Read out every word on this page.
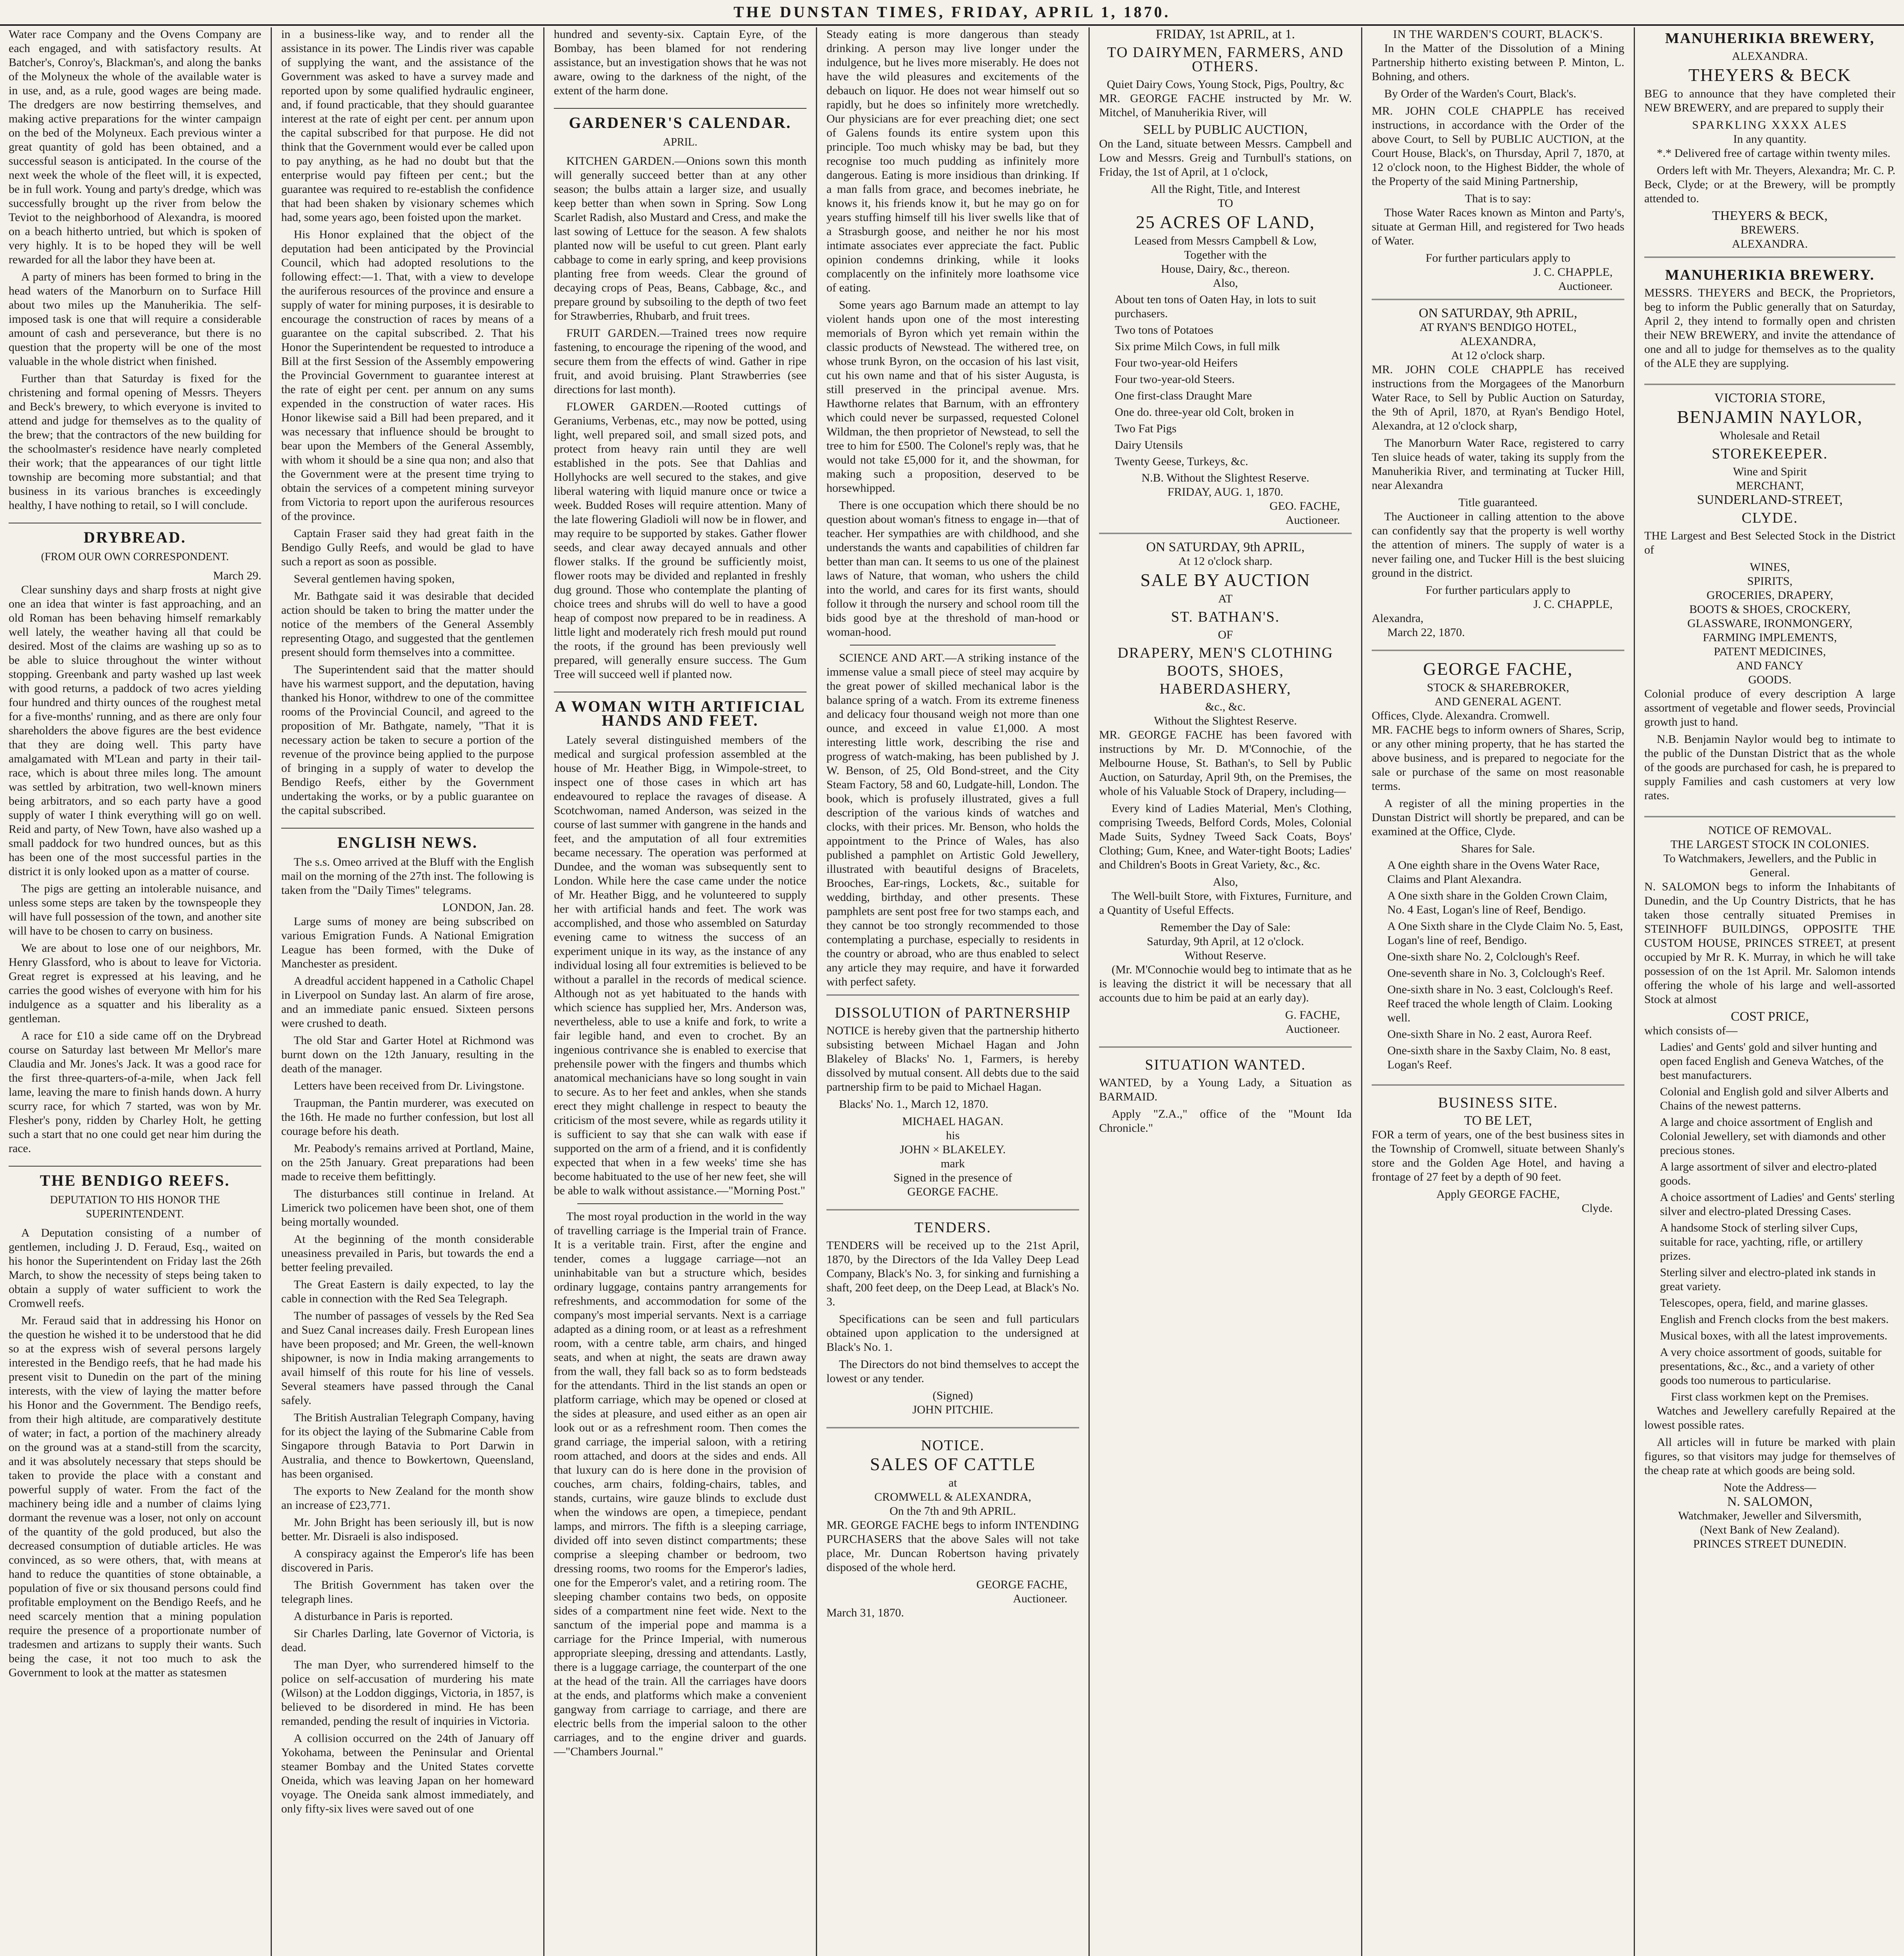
THE DUNSTAN TIMES, FRIDAY, APRIL 1, 1870.

Water race Company and the Ovens Company are each engaged, and with satisfactory results. At Batcher's, Conroy's, Blackman's, and along the banks of the Molyneux the whole of the available water is in use, and, as a rule, good wages are being made. The dredgers are now bestirring themselves, and making active preparations for the winter campaign on the bed of the Molyneux. Each previous winter a great quantity of gold has been obtained, and a successful season is anticipated. In the course of the next week the whole of the fleet will, it is expected, be in full work. Young and party's dredge, which was successfully brought up the river from below the Teviot to the neighborhood of Alexandra, is moored on a beach hitherto untried, but which is spoken of very highly. It is to be hoped they will be well rewarded for all the labor they have been at.

A party of miners has been formed to bring in the head waters of the Manorburn on to Surface Hill about two miles up the Manuherikia. The self-imposed task is one that will require a considerable amount of cash and perseverance, but there is no question that the property will be one of the most valuable in the whole district when finished.

Further than that Saturday is fixed for the christening and formal opening of Messrs. Theyers and Beck's brewery, to which everyone is invited to attend and judge for themselves as to the quality of the brew; that the contractors of the new building for the schoolmaster's residence have nearly completed their work; that the appearances of our tight little township are becoming more substantial; and that business in its various branches is exceedingly healthy, I have nothing to retail, so I will conclude.

DRYBREAD.
(FROM OUR OWN CORRESPONDENT.
March 29.

Clear sunshiny days and sharp frosts at night give one an idea that winter is fast approaching, and an old Roman has been behaving himself remarkably well lately, the weather having all that could be desired. Most of the claims are washing up so as to be able to sluice throughout the winter without stopping. Greenbank and party washed up last week with good returns, a paddock of two acres yielding four hundred and thirty ounces of the roughest metal for a five-months' running, and as there are only four shareholders the above figures are the best evidence that they are doing well. This party have amalgamated with M'Lean and party in their tail-race, which is about three miles long. The amount was settled by arbitration, two well-known miners being arbitrators, and so each party have a good supply of water I think everything will go on well. Reid and party, of New Town, have also washed up a small paddock for two hundred ounces, but as this has been one of the most successful parties in the district it is only looked upon as a matter of course.

The pigs are getting an intolerable nuisance, and unless some steps are taken by the townspeople they will have full possession of the town, and another site will have to be chosen to carry on business.

We are about to lose one of our neighbors, Mr. Henry Glassford, who is about to leave for Victoria. Great regret is expressed at his leaving, and he carries the good wishes of everyone with him for his indulgence as a squatter and his liberality as a gentleman.

A race for £10 a side came off on the Drybread course on Saturday last between Mr Mellor's mare Claudia and Mr. Jones's Jack. It was a good race for the first three-quarters-of-a-mile, when Jack fell lame, leaving the mare to finish hands down. A hurry scurry race, for which 7 started, was won by Mr. Flesher's pony, ridden by Charley Holt, he getting such a start that no one could get near him during the race.

THE BENDIGO REEFS.
DEPUTATION TO HIS HONOR THE SUPERINTENDENT.

A Deputation consisting of a number of gentlemen, including J. D. Feraud, Esq., waited on his honor the Superintendent on Friday last the 26th March, to show the necessity of steps being taken to obtain a supply of water sufficient to work the Cromwell reefs.

Mr. Feraud said that in addressing his Honor on the question he wished it to be understood that he did so at the express wish of several persons largely interested in the Bendigo reefs, that he had made his present visit to Dunedin on the part of the mining interests, with the view of laying the matter before his Honor and the Government. The Bendigo reefs, from their high altitude, are comparatively destitute of water; in fact, a portion of the machinery already on the ground was at a stand-still from the scarcity, and it was absolutely necessary that steps should be taken to provide the place with a constant and powerful supply of water. From the fact of the machinery being idle and a number of claims lying dormant the revenue was a loser, not only on account of the quantity of the gold produced, but also the decreased consumption of dutiable articles. He was convinced, as so were others, that, with means at hand to reduce the quantities of stone obtainable, a population of five or six thousand persons could find profitable employment on the Bendigo Reefs, and he need scarcely mention that a mining population require the presence of a proportionate number of tradesmen and artizans to supply their wants. Such being the case, it not too much to ask the Government to look at the matter as statesmen

in a business-like way, and to render all the assistance in its power. The Lindis river was capable of supplying the want, and the assistance of the Government was asked to have a survey made and reported upon by some qualified hydraulic engineer, and, if found practicable, that they should guarantee interest at the rate of eight per cent. per annum upon the capital subscribed for that purpose. He did not think that the Government would ever be called upon to pay anything, as he had no doubt but that the enterprise would pay fifteen per cent.; but the guarantee was required to re-establish the confidence that had been shaken by visionary schemes which had, some years ago, been foisted upon the market.

His Honor explained that the object of the deputation had been anticipated by the Provincial Council, which had adopted resolutions to the following effect:—1. That, with a view to develope the auriferous resources of the province and ensure a supply of water for mining purposes, it is desirable to encourage the construction of races by means of a guarantee on the capital subscribed. 2. That his Honor the Superintendent be requested to introduce a Bill at the first Session of the Assembly empowering the Provincial Government to guarantee interest at the rate of eight per cent. per annum on any sums expended in the construction of water races. His Honor likewise said a Bill had been prepared, and it was necessary that influence should be brought to bear upon the Members of the General Assembly, with whom it should be a sine qua non; and also that the Government were at the present time trying to obtain the services of a competent mining surveyor from Victoria to report upon the auriferous resources of the province.

Captain Fraser said they had great faith in the Bendigo Gully Reefs, and would be glad to have such a report as soon as possible.

Several gentlemen having spoken,

Mr. Bathgate said it was desirable that decided action should be taken to bring the matter under the notice of the members of the General Assembly representing Otago, and suggested that the gentlemen present should form themselves into a committee.

The Superintendent said that the matter should have his warmest support, and the deputation, having thanked his Honor, withdrew to one of the committee rooms of the Provincial Council, and agreed to the proposition of Mr. Bathgate, namely, "That it is necessary action be taken to secure a portion of the revenue of the province being applied to the purpose of bringing in a supply of water to develop the Bendigo Reefs, either by the Government undertaking the works, or by a public guarantee on the capital subscribed.

ENGLISH NEWS.

The s.s. Omeo arrived at the Bluff with the English mail on the morning of the 27th inst. The following is taken from the "Daily Times" telegrams.

LONDON, Jan. 28.

Large sums of money are being subscribed on various Emigration Funds. A National Emigration League has been formed, with the Duke of Manchester as president.

A dreadful accident happened in a Catholic Chapel in Liverpool on Sunday last. An alarm of fire arose, and an immediate panic ensued. Sixteen persons were crushed to death.

The old Star and Garter Hotel at Richmond was burnt down on the 12th January, resulting in the death of the manager.

Letters have been received from Dr. Livingstone.

Traupman, the Pantin murderer, was executed on the 16th. He made no further confession, but lost all courage before his death.

Mr. Peabody's remains arrived at Portland, Maine, on the 25th January. Great preparations had been made to receive them befittingly.

The disturbances still continue in Ireland. At Limerick two policemen have been shot, one of them being mortally wounded.

At the beginning of the month considerable uneasiness prevailed in Paris, but towards the end a better feeling prevailed.

The Great Eastern is daily expected, to lay the cable in connection with the Red Sea Telegraph.

The number of passages of vessels by the Red Sea and Suez Canal increases daily. Fresh European lines have been proposed; and Mr. Green, the well-known shipowner, is now in India making arrangements to avail himself of this route for his line of vessels. Several steamers have passed through the Canal safely.

The British Australian Telegraph Company, having for its object the laying of the Submarine Cable from Singapore through Batavia to Port Darwin in Australia, and thence to Bowkertown, Queensland, has been organised.

The exports to New Zealand for the month show an increase of £23,771.

Mr. John Bright has been seriously ill, but is now better. Mr. Disraeli is also indisposed.

A conspiracy against the Emperor's life has been discovered in Paris.

The British Government has taken over the telegraph lines.

A disturbance in Paris is reported.

Sir Charles Darling, late Governor of Victoria, is dead.

The man Dyer, who surrendered himself to the police on self-accusation of murdering his mate (Wilson) at the Loddon diggings, Victoria, in 1857, is believed to be disordered in mind. He has been remanded, pending the result of inquiries in Victoria.

A collision occurred on the 24th of January off Yokohama, between the Peninsular and Oriental steamer Bombay and the United States corvette Oneida, which was leaving Japan on her homeward voyage. The Oneida sank almost immediately, and only fifty-six lives were saved out of one

hundred and seventy-six. Captain Eyre, of the Bombay, has been blamed for not rendering assistance, but an investigation shows that he was not aware, owing to the darkness of the night, of the extent of the harm done.

GARDENER'S CALENDAR.
APRIL.

KITCHEN GARDEN.—Onions sown this month will generally succeed better than at any other season; the bulbs attain a larger size, and usually keep better than when sown in Spring. Sow Long Scarlet Radish, also Mustard and Cress, and make the last sowing of Lettuce for the season. A few shalots planted now will be useful to cut green. Plant early cabbage to come in early spring, and keep provisions planting free from weeds. Clear the ground of decaying crops of Peas, Beans, Cabbage, &c., and prepare ground by subsoiling to the depth of two feet for Strawberries, Rhubarb, and fruit trees.

FRUIT GARDEN.—Trained trees now require fastening, to encourage the ripening of the wood, and secure them from the effects of wind. Gather in ripe fruit, and avoid bruising. Plant Strawberries (see directions for last month).

FLOWER GARDEN.—Rooted cuttings of Geraniums, Verbenas, etc., may now be potted, using light, well prepared soil, and small sized pots, and protect from heavy rain until they are well established in the pots. See that Dahlias and Hollyhocks are well secured to the stakes, and give liberal watering with liquid manure once or twice a week. Budded Roses will require attention. Many of the late flowering Gladioli will now be in flower, and may require to be supported by stakes. Gather flower seeds, and clear away decayed annuals and other flower stalks. If the ground be sufficiently moist, flower roots may be divided and replanted in freshly dug ground. Those who contemplate the planting of choice trees and shrubs will do well to have a good heap of compost now prepared to be in readiness. A little light and moderately rich fresh mould put round the roots, if the ground has been previously well prepared, will generally ensure success. The Gum Tree will succeed well if planted now.

A WOMAN WITH ARTIFICIAL HANDS AND FEET.

Lately several distinguished members of the medical and surgical profession assembled at the house of Mr. Heather Bigg, in Wimpole-street, to inspect one of those cases in which art has endeavoured to replace the ravages of disease. A Scotchwoman, named Anderson, was seized in the course of last summer with gangrene in the hands and feet, and the amputation of all four extremities became necessary. The operation was performed at Dundee, and the woman was subsequently sent to London. While here the case came under the notice of Mr. Heather Bigg, and he volunteered to supply her with artificial hands and feet. The work was accomplished, and those who assembled on Saturday evening came to witness the success of an experiment unique in its way, as the instance of any individual losing all four extremities is believed to be without a parallel in the records of medical science. Although not as yet habituated to the hands with which science has supplied her, Mrs. Anderson was, nevertheless, able to use a knife and fork, to write a fair legible hand, and even to crochet. By an ingenious contrivance she is enabled to exercise that prehensile power with the fingers and thumbs which anatomical mechanicians have so long sought in vain to secure. As to her feet and ankles, when she stands erect they might challenge in respect to beauty the criticism of the most severe, while as regards utility it is sufficient to say that she can walk with ease if supported on the arm of a friend, and it is confidently expected that when in a few weeks' time she has become habituated to the use of her new feet, she will be able to walk without assistance.—"Morning Post."

The most royal production in the world in the way of travelling carriage is the Imperial train of France. It is a veritable train. First, after the engine and tender, comes a luggage carriage—not an uninhabitable van but a structure which, besides ordinary luggage, contains pantry arrangements for refreshments, and accommodation for some of the company's most imperial servants. Next is a carriage adapted as a dining room, or at least as a refreshment room, with a centre table, arm chairs, and hinged seats, and when at night, the seats are drawn away from the wall, they fall back so as to form bedsteads for the attendants. Third in the list stands an open or platform carriage, which may be opened or closed at the sides at pleasure, and used either as an open air look out or as a refreshment room. Then comes the grand carriage, the imperial saloon, with a retiring room attached, and doors at the sides and ends. All that luxury can do is here done in the provision of couches, arm chairs, folding-chairs, tables, and stands, curtains, wire gauze blinds to exclude dust when the windows are open, a timepiece, pendant lamps, and mirrors. The fifth is a sleeping carriage, divided off into seven distinct compartments; these comprise a sleeping chamber or bedroom, two dressing rooms, two rooms for the Emperor's ladies, one for the Emperor's valet, and a retiring room. The sleeping chamber contains two beds, on opposite sides of a compartment nine feet wide. Next to the sanctum of the imperial pope and mamma is a carriage for the Prince Imperial, with numerous appropriate sleeping, dressing and attendants. Lastly, there is a luggage carriage, the counterpart of the one at the head of the train. All the carriages have doors at the ends, and platforms which make a convenient gangway from carriage to carriage, and there are electric bells from the imperial saloon to the other carriages, and to the engine driver and guards.—"Chambers Journal."

Steady eating is more dangerous than steady drinking. A person may live longer under the indulgence, but he lives more miserably. He does not have the wild pleasures and excitements of the debauch on liquor. He does not wear himself out so rapidly, but he does so infinitely more wretchedly. Our physicians are for ever preaching diet; one sect of Galens founds its entire system upon this principle. Too much whisky may be bad, but they recognise too much pudding as infinitely more dangerous. Eating is more insidious than drinking. If a man falls from grace, and becomes inebriate, he knows it, his friends know it, but he may go on for years stuffing himself till his liver swells like that of a Strasburgh goose, and neither he nor his most intimate associates ever appreciate the fact. Public opinion condemns drinking, while it looks complacently on the infinitely more loathsome vice of eating.

Some years ago Barnum made an attempt to lay violent hands upon one of the most interesting memorials of Byron which yet remain within the classic products of Newstead. The withered tree, on whose trunk Byron, on the occasion of his last visit, cut his own name and that of his sister Augusta, is still preserved in the principal avenue. Mrs. Hawthorne relates that Barnum, with an effrontery which could never be surpassed, requested Colonel Wildman, the then proprietor of Newstead, to sell the tree to him for £500. The Colonel's reply was, that he would not take £5,000 for it, and the showman, for making such a proposition, deserved to be horsewhipped.

There is one occupation which there should be no question about woman's fitness to engage in—that of teacher. Her sympathies are with childhood, and she understands the wants and capabilities of children far better than man can. It seems to us one of the plainest laws of Nature, that woman, who ushers the child into the world, and cares for its first wants, should follow it through the nursery and school room till the bids good bye at the threshold of man-hood or woman-hood.

SCIENCE AND ART.—A striking instance of the immense value a small piece of steel may acquire by the great power of skilled mechanical labor is the balance spring of a watch. From its extreme fineness and delicacy four thousand weigh not more than one ounce, and exceed in value £1,000. A most interesting little work, describing the rise and progress of watch-making, has been published by J. W. Benson, of 25, Old Bond-street, and the City Steam Factory, 58 and 60, Ludgate-hill, London. The book, which is profusely illustrated, gives a full description of the various kinds of watches and clocks, with their prices. Mr. Benson, who holds the appointment to the Prince of Wales, has also published a pamphlet on Artistic Gold Jewellery, illustrated with beautiful designs of Bracelets, Brooches, Ear-rings, Lockets, &c., suitable for wedding, birthday, and other presents. These pamphlets are sent post free for two stamps each, and they cannot be too strongly recommended to those contemplating a purchase, especially to residents in the country or abroad, who are thus enabled to select any article they may require, and have it forwarded with perfect safety.

DISSOLUTION of PARTNERSHIP

NOTICE is hereby given that the partnership hitherto subsisting between Michael Hagan and John Blakeley of Blacks' No. 1, Farmers, is hereby dissolved by mutual consent. All debts due to the said partnership firm to be paid to Michael Hagan.

Blacks' No. 1., March 12, 1870.

MICHAEL HAGAN.
his
JOHN × BLAKELEY.
mark
Signed in the presence of
GEORGE FACHE.
TENDERS.

TENDERS will be received up to the 21st April, 1870, by the Directors of the Ida Valley Deep Lead Company, Black's No. 3, for sinking and furnishing a shaft, 200 feet deep, on the Deep Lead, at Black's No. 3.

Specifications can be seen and full particulars obtained upon application to the undersigned at Black's No. 1.

The Directors do not bind themselves to accept the lowest or any tender.

(Signed)
JOHN PITCHIE.
NOTICE.
SALES OF CATTLE
at
CROMWELL & ALEXANDRA,
On the 7th and 9th APRIL.

MR. GEORGE FACHE begs to inform INTENDING PURCHASERS that the above Sales will not take place, Mr. Duncan Robertson having privately disposed of the whole herd.

GEORGE FACHE,
Auctioneer.
March 31, 1870.
FRIDAY, 1st APRIL, at 1.
TO DAIRYMEN, FARMERS, AND OTHERS.
Quiet Dairy Cows, Young Stock, Pigs, Poultry, &c

MR. GEORGE FACHE instructed by Mr. W. Mitchel, of Manuherikia River, will

SELL by PUBLIC AUCTION,

On the Land, situate between Messrs. Campbell and Low and Messrs. Greig and Turnbull's stations, on Friday, the 1st of April, at 1 o'clock,

All the Right, Title, and Interest
TO
25 ACRES OF LAND,
Leased from Messrs Campbell & Low,
Together with the
House, Dairy, &c., thereon.
Also,
About ten tons of Oaten Hay, in lots to suit purchasers.
Two tons of Potatoes
Six prime Milch Cows, in full milk
Four two-year-old Heifers
Four two-year-old Steers.
One first-class Draught Mare
One do. three-year old Colt, broken in
Two Fat Pigs
Dairy Utensils
Twenty Geese, Turkeys, &c.
N.B. Without the Slightest Reserve.
FRIDAY, AUG. 1, 1870.
GEO. FACHE,
Auctioneer.
ON SATURDAY, 9th APRIL,
At 12 o'clock sharp.
SALE BY AUCTION
AT
ST. BATHAN'S.
OF
DRAPERY, MEN'S CLOTHING
BOOTS, SHOES,
HABERDASHERY,
&c., &c.
Without the Slightest Reserve.

MR. GEORGE FACHE has been favored with instructions by Mr. D. M'Connochie, of the Melbourne House, St. Bathan's, to Sell by Public Auction, on Saturday, April 9th, on the Premises, the whole of his Valuable Stock of Drapery, including—

Every kind of Ladies Material, Men's Clothing, comprising Tweeds, Belford Cords, Moles, Colonial Made Suits, Sydney Tweed Sack Coats, Boys' Clothing; Gum, Knee, and Water-tight Boots; Ladies' and Children's Boots in Great Variety, &c., &c.

Also,

The Well-built Store, with Fixtures, Furniture, and a Quantity of Useful Effects.

Remember the Day of Sale:
Saturday, 9th April, at 12 o'clock.
Without Reserve.

(Mr. M'Connochie would beg to intimate that as he is leaving the district it will be necessary that all accounts due to him be paid at an early day).

G. FACHE,
Auctioneer.
SITUATION WANTED.

WANTED, by a Young Lady, a Situation as BARMAID.

Apply "Z.A.," office of the "Mount Ida Chronicle."

IN THE WARDEN'S COURT, BLACK'S.

In the Matter of the Dissolution of a Mining Partnership hitherto existing between P. Minton, L. Bohning, and others.

By Order of the Warden's Court, Black's.

MR. JOHN COLE CHAPPLE has received instructions, in accordance with the Order of the above Court, to Sell by PUBLIC AUCTION, at the Court House, Black's, on Thursday, April 7, 1870, at 12 o'clock noon, to the Highest Bidder, the whole of the Property of the said Mining Partnership,

That is to say:

Those Water Races known as Minton and Party's, situate at German Hill, and registered for Two heads of Water.

For further particulars apply to
J. C. CHAPPLE,
Auctioneer.
ON SATURDAY, 9th APRIL,
AT RYAN'S BENDIGO HOTEL,
ALEXANDRA,
At 12 o'clock sharp.

MR. JOHN COLE CHAPPLE has received instructions from the Morgagees of the Manorburn Water Race, to Sell by Public Auction on Saturday, the 9th of April, 1870, at Ryan's Bendigo Hotel, Alexandra, at 12 o'clock sharp,

The Manorburn Water Race, registered to carry Ten sluice heads of water, taking its supply from the Manuherikia River, and terminating at Tucker Hill, near Alexandra

Title guaranteed.

The Auctioneer in calling attention to the above can confidently say that the property is well worthy the attention of miners. The supply of water is a never failing one, and Tucker Hill is the best sluicing ground in the district.

For further particulars apply to
J. C. CHAPPLE,
Alexandra,
March 22, 1870.
GEORGE FACHE,
STOCK & SHAREBROKER,
AND GENERAL AGENT.
Offices, Clyde. Alexandra. Cromwell.

MR. FACHE begs to inform owners of Shares, Scrip, or any other mining property, that he has started the above business, and is prepared to negociate for the sale or purchase of the same on most reasonable terms.

A register of all the mining properties in the Dunstan District will shortly be prepared, and can be examined at the Office, Clyde.

Shares for Sale.
A One eighth share in the Ovens Water Race, Claims and Plant Alexandra.
A One sixth share in the Golden Crown Claim, No. 4 East, Logan's line of Reef, Bendigo.
A One Sixth share in the Clyde Claim No. 5, East, Logan's line of reef, Bendigo.
One-sixth share No. 2, Colclough's Reef.
One-seventh share in No. 3, Colclough's Reef.
One-sixth share in No. 3 east, Colclough's Reef. Reef traced the whole length of Claim. Looking well.
One-sixth Share in No. 2 east, Aurora Reef.
One-sixth share in the Saxby Claim, No. 8 east, Logan's Reef.
BUSINESS SITE.
TO BE LET,

FOR a term of years, one of the best business sites in the Township of Cromwell, situate between Shanly's store and the Golden Age Hotel, and having a frontage of 27 feet by a depth of 90 feet.

Apply GEORGE FACHE,
Clyde.
MANUHERIKIA BREWERY,
ALEXANDRA.
THEYERS & BECK

BEG to announce that they have completed their NEW BREWERY, and are prepared to supply their

SPARKLING XXXX ALES
In any quantity.

*.* Delivered free of cartage within twenty miles.

Orders left with Mr. Theyers, Alexandra; Mr. C. P. Beck, Clyde; or at the Brewery, will be promptly attended to.

THEYERS & BECK,
BREWERS.
ALEXANDRA.
MANUHERIKIA BREWERY.

MESSRS. THEYERS and BECK, the Proprietors, beg to inform the Public generally that on Saturday, April 2, they intend to formally open and christen their NEW BREWERY, and invite the attendance of one and all to judge for themselves as to the quality of the ALE they are supplying.

VICTORIA STORE,
BENJAMIN NAYLOR,
Wholesale and Retail
STOREKEEPER.
Wine and Spirit
MERCHANT,
SUNDERLAND-STREET,
CLYDE.

THE Largest and Best Selected Stock in the District of

WINES,
SPIRITS,
GROCERIES, DRAPERY,
BOOTS & SHOES, CROCKERY,
GLASSWARE, IRONMONGERY,
FARMING IMPLEMENTS,
PATENT MEDICINES,
AND FANCY
GOODS.

Colonial produce of every description A large assortment of vegetable and flower seeds, Provincial growth just to hand.

N.B. Benjamin Naylor would beg to intimate to the public of the Dunstan District that as the whole of the goods are purchased for cash, he is prepared to supply Families and cash customers at very low rates.

NOTICE OF REMOVAL.
THE LARGEST STOCK IN COLONIES.
To Watchmakers, Jewellers, and the Public in General.

N. SALOMON begs to inform the Inhabitants of Dunedin, and the Up Country Districts, that he has taken those centrally situated Premises in STEINHOFF BUILDINGS, OPPOSITE THE CUSTOM HOUSE, PRINCES STREET, at present occupied by Mr R. K. Murray, in which he will take possession of on the 1st April. Mr. Salomon intends offering the whole of his large and well-assorted Stock at almost

COST PRICE,
which consists of—
Ladies' and Gents' gold and silver hunting and open faced English and Geneva Watches, of the best manufacturers.
Colonial and English gold and silver Alberts and Chains of the newest patterns.
A large and choice assortment of English and Colonial Jewellery, set with diamonds and other precious stones.
A large assortment of silver and electro-plated goods.
A choice assortment of Ladies' and Gents' sterling silver and electro-plated Dressing Cases.
A handsome Stock of sterling silver Cups, suitable for race, yachting, rifle, or artillery prizes.
Sterling silver and electro-plated ink stands in great variety.
Telescopes, opera, field, and marine glasses.
English and French clocks from the best makers.
Musical boxes, with all the latest improvements.
A very choice assortment of goods, suitable for presentations, &c., &c., and a variety of other goods too numerous to particularise.
First class workmen kept on the Premises.

Watches and Jewellery carefully Repaired at the lowest possible rates.

All articles will in future be marked with plain figures, so that visitors may judge for themselves of the cheap rate at which goods are being sold.

Note the Address—
N. SALOMON,
Watchmaker, Jeweller and Silversmith,
(Next Bank of New Zealand).
PRINCES STREET DUNEDIN.
